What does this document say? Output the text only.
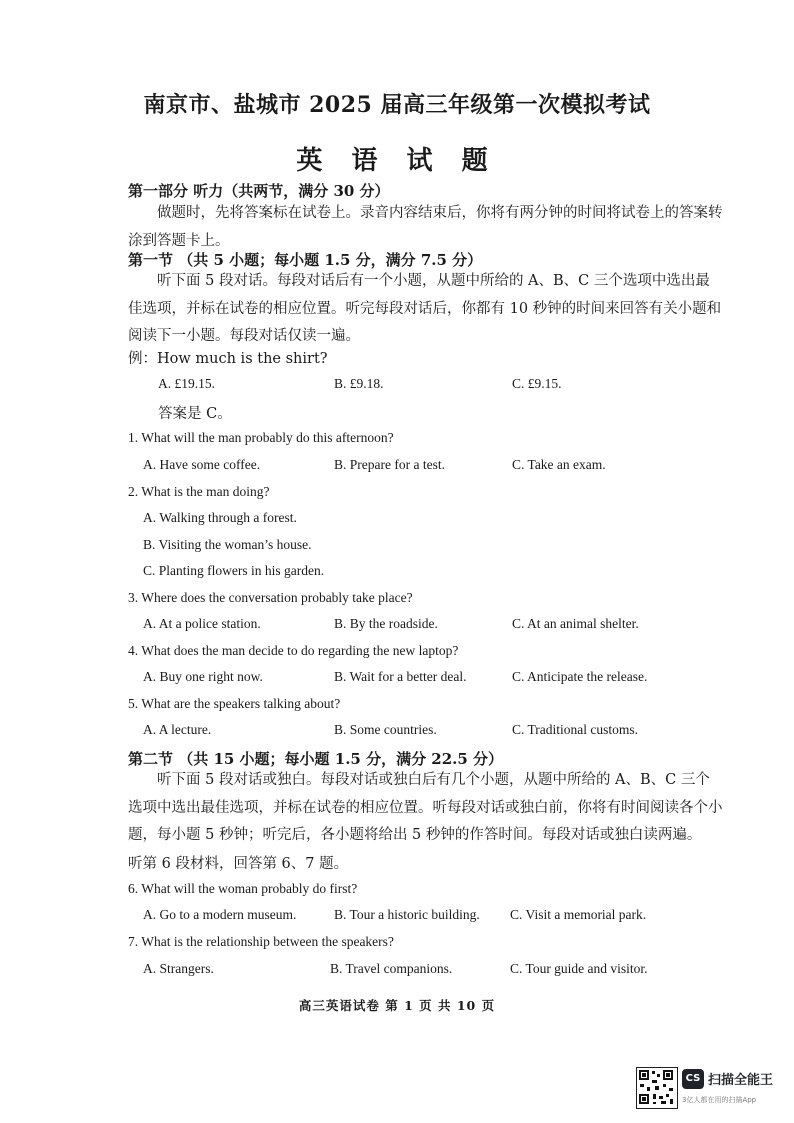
南京市、盐城市 2025 届高三年级第一次模拟考试
英 语 试 题
第一部分 听力（共两节，满分 30 分）
做题时，先将答案标在试卷上。录音内容结束后，你将有两分钟的时间将试卷上的答案转涂到答题卡上。
第一节 （共 5 小题；每小题 1.5 分，满分 7.5 分）
听下面 5 段对话。每段对话后有一个小题，从题中所给的 A、B、C 三个选项中选出最佳选项，并标在试卷的相应位置。听完每段对话后，你都有 10 秒钟的时间来回答有关小题和阅读下一小题。每段对话仅读一遍。
例：How much is the shirt?
A. £19.15.	B. £9.18.	C. £9.15.
答案是 C。
1. What will the man probably do this afternoon?
A. Have some coffee.	B. Prepare for a test.	C. Take an exam.
2. What is the man doing?
A. Walking through a forest.
B. Visiting the woman’s house.
C. Planting flowers in his garden.
3. Where does the conversation probably take place?
A. At a police station.	B. By the roadside.	C. At an animal shelter.
4. What does the man decide to do regarding the new laptop?
A. Buy one right now.	B. Wait for a better deal.	C. Anticipate the release.
5. What are the speakers talking about?
A. A lecture.	B. Some countries.	C. Traditional customs.
第二节 （共 15 小题；每小题 1.5 分，满分 22.5 分）
听下面 5 段对话或独白。每段对话或独白后有几个小题，从题中所给的 A、B、C 三个选项中选出最佳选项，并标在试卷的相应位置。听每段对话或独白前，你将有时间阅读各个小题，每小题 5 秒钟；听完后，各小题将给出 5 秒钟的作答时间。每段对话或独白读两遍。
听第 6 段材料，回答第 6、7 题。
6. What will the woman probably do first?
A. Go to a modern museum.	B. Tour a historic building. C. Visit a memorial park.
7. What is the relationship between the speakers?
A. Strangers.	B. Travel companions.	C. Tour guide and visitor.
高三英语试卷 第 1 页 共 10 页
CS 扫描全能王
3亿人都在用的扫描App
